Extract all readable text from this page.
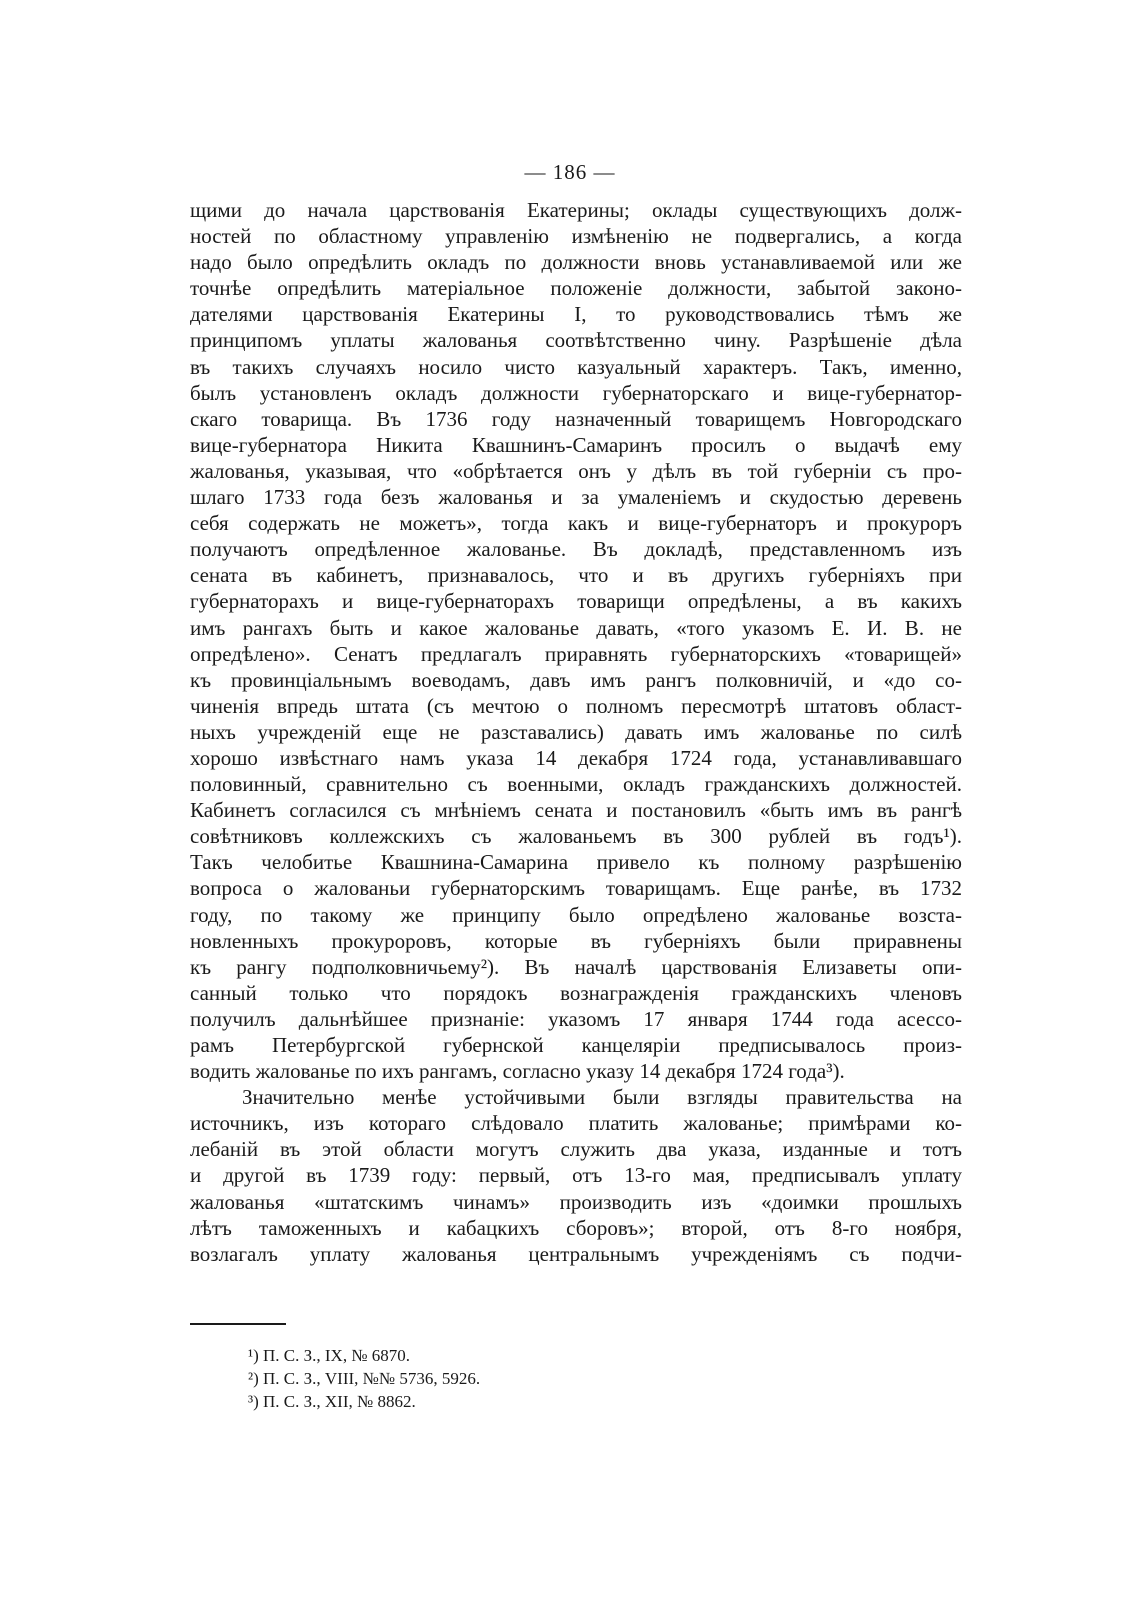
— 186 —
щими до начала царствованія Екатерины; оклады существующихъ долж-
ностей по областному управленію измѣненію не подвергались, а когда
надо было опредѣлить окладъ по должности вновь устанавливаемой или же
точнѣе опредѣлить матеріальное положеніе должности, забытой законо-
дателями царствованія Екатерины І, то руководствовались тѣмъ же
принципомъ уплаты жалованья соотвѣтственно чину. Разрѣшеніе дѣла
въ такихъ случаяхъ носило чисто казуальный характеръ. Такъ, именно,
былъ установленъ окладъ должности губернаторскаго и вице-губернатор-
скаго товарища. Въ 1736 году назначенный товарищемъ Новгородскаго
вице-губернатора Никита Квашнинъ-Самаринъ просилъ о выдачѣ ему
жалованья, указывая, что «обрѣтается онъ у дѣлъ въ той губерніи съ про-
шлаго 1733 года безъ жалованья и за умаленіемъ и скудостью деревень
себя содержать не можетъ», тогда какъ и вице-губернаторъ и прокуроръ
получаютъ опредѣленное жалованье. Въ докладѣ, представленномъ изъ
сената въ кабинетъ, признавалось, что и въ другихъ губерніяхъ при
губернаторахъ и вице-губернаторахъ товарищи опредѣлены, а въ какихъ
имъ рангахъ быть и какое жалованье давать, «того указомъ Е. И. В. не
опредѣлено». Сенатъ предлагалъ приравнять губернаторскихъ «товарищей»
къ провинціальнымъ воеводамъ, давъ имъ рангъ полковничій, и «до со-
чиненія впредь штата (съ мечтою о полномъ пересмотрѣ штатовъ област-
ныхъ учрежденій еще не разставались) давать имъ жалованье по силѣ
хорошо извѣстнаго намъ указа 14 декабря 1724 года, устанавливавшаго
половинный, сравнительно съ военными, окладъ гражданскихъ должностей.
Кабинетъ согласился съ мнѣніемъ сената и постановилъ «быть имъ въ рангѣ
совѣтниковъ коллежскихъ съ жалованьемъ въ 300 рублей въ годъ¹).
Такъ челобитье Квашнина-Самарина привело къ полному разрѣшенію
вопроса о жалованьи губернаторскимъ товарищамъ. Еще ранѣе, въ 1732
году, по такому же принципу было опредѣлено жалованье возста-
новленныхъ прокуроровъ, которые въ губерніяхъ были приравнены
къ рангу подполковничьему²). Въ началѣ царствованія Елизаветы опи-
санный только что порядокъ вознагражденія гражданскихъ членовъ
получилъ дальнѣйшее признаніе: указомъ 17 января 1744 года асессо-
рамъ Петербургской губернской канцеляріи предписывалось произ-
водить жалованье по ихъ рангамъ, согласно указу 14 декабря 1724 года³).
Значительно менѣе устойчивыми были взгляды правительства на
источникъ, изъ котораго слѣдовало платить жалованье; примѣрами ко-
лебаній въ этой области могутъ служить два указа, изданные и тотъ
и другой въ 1739 году: первый, отъ 13-го мая, предписывалъ уплату
жалованья «штатскимъ чинамъ» производить изъ «доимки прошлыхъ
лѣтъ таможенныхъ и кабацкихъ сборовъ»; второй, отъ 8-го ноября,
возлагалъ уплату жалованья центральнымъ учрежденіямъ съ подчи-
¹) П. С. З., IX, № 6870.
²) П. С. З., VIII, №№ 5736, 5926.
³) П. С. З., XII, № 8862.
